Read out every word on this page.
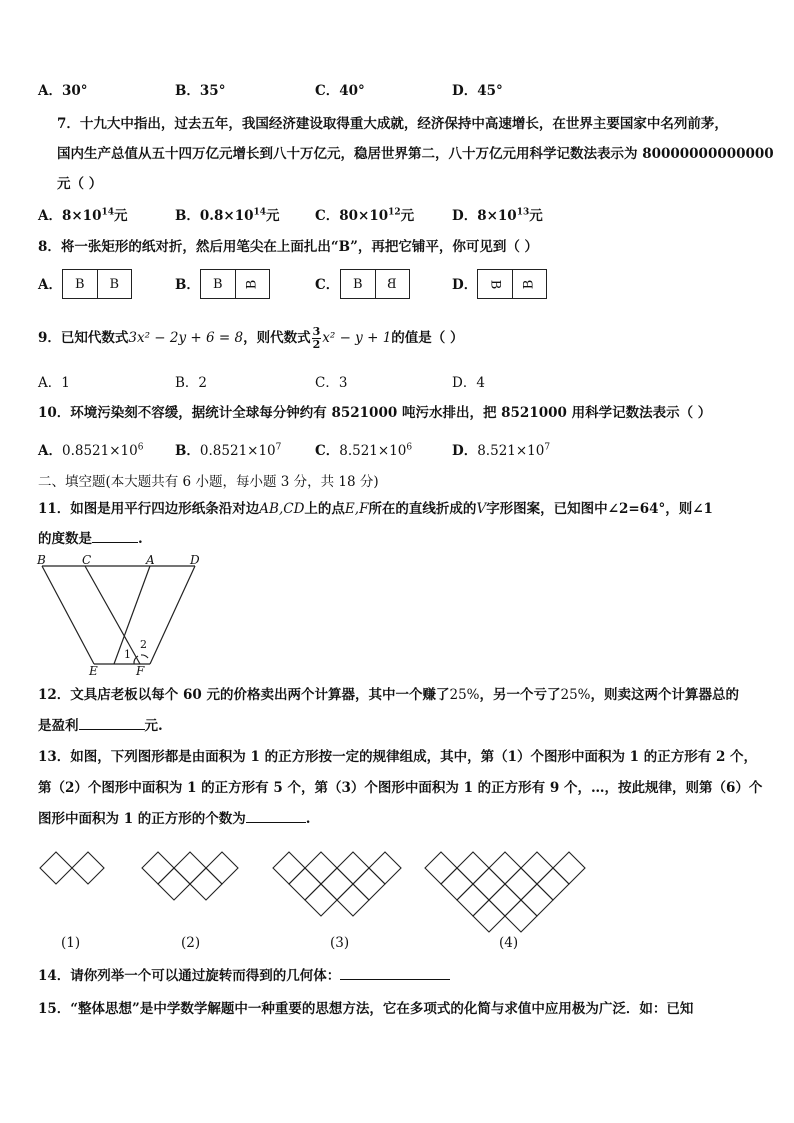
A．30°	B．35°	C．40°	D．45°
7．十九大中指出，过去五年，我国经济建设取得重大成就，经济保持中高速增长，在世界主要国家中名列前茅，
国内生产总值从五十四万亿元增长到八十万亿元，稳居世界第二，八十万亿元用科学记数法表示为 80000000000000
元（ ）
A．$8\times 10^{14}$元	B．$0.8\times 10^{14}$元	C．$80\times 10^{12}$元	D．$8\times 10^{13}$元
8．将一张矩形的纸对折，然后用笔尖在上面扎出“B”，再把它铺平，你可见到（ ）
A． B B	B． B B	C． B B	D． B B
9．已知代数式3x² − 2y + 6 = 8，则代数式 $\frac{3}{2} x^2 - y + 1$的值是（ ）
A．1	B．2	C．3	D．4
10．环境污染刻不容缓，据统计全球每分钟约有 8521000 吨污水排出，把 8521000 用科学记数法表示（ ）
A．$0.8521\times 10^6$ B．$0.8521\times 10^7$ C．$8.521\times 10^6$	D．$8.521\times 10^7$
二、填空题(本大题共有 6 小题，每小题 3 分，共 18 分)
11．如图是用平行四边形纸条沿对边AB,CD上的点E,F所在的直线折成的V字形图案，已知图中∠2=64°，则∠1
的度数是	.
B	C	A	D
E	F
1
2
12．文具店老板以每个 60 元的价格卖出两个计算器，其中一个赚了25%，另一个亏了25%，则卖这两个计算器总的
是盈利	元.
13．如图，下列图形都是由面积为 1 的正方形按一定的规律组成，其中，第（1）个图形中面积为 1 的正方形有 2 个，
第（2）个图形中面积为 1 的正方形有 5 个，第（3）个图形中面积为 1 的正方形有 9 个，…，按此规律，则第（6）个
图形中面积为 1 的正方形的个数为	.
(1)	(2)	(3)	(4)
14．请你列举一个可以通过旋转而得到的几何体：
15．“整体思想”是中学数学解题中一种重要的思想方法，它在多项式的化简与求值中应用极为广泛．如：已知
